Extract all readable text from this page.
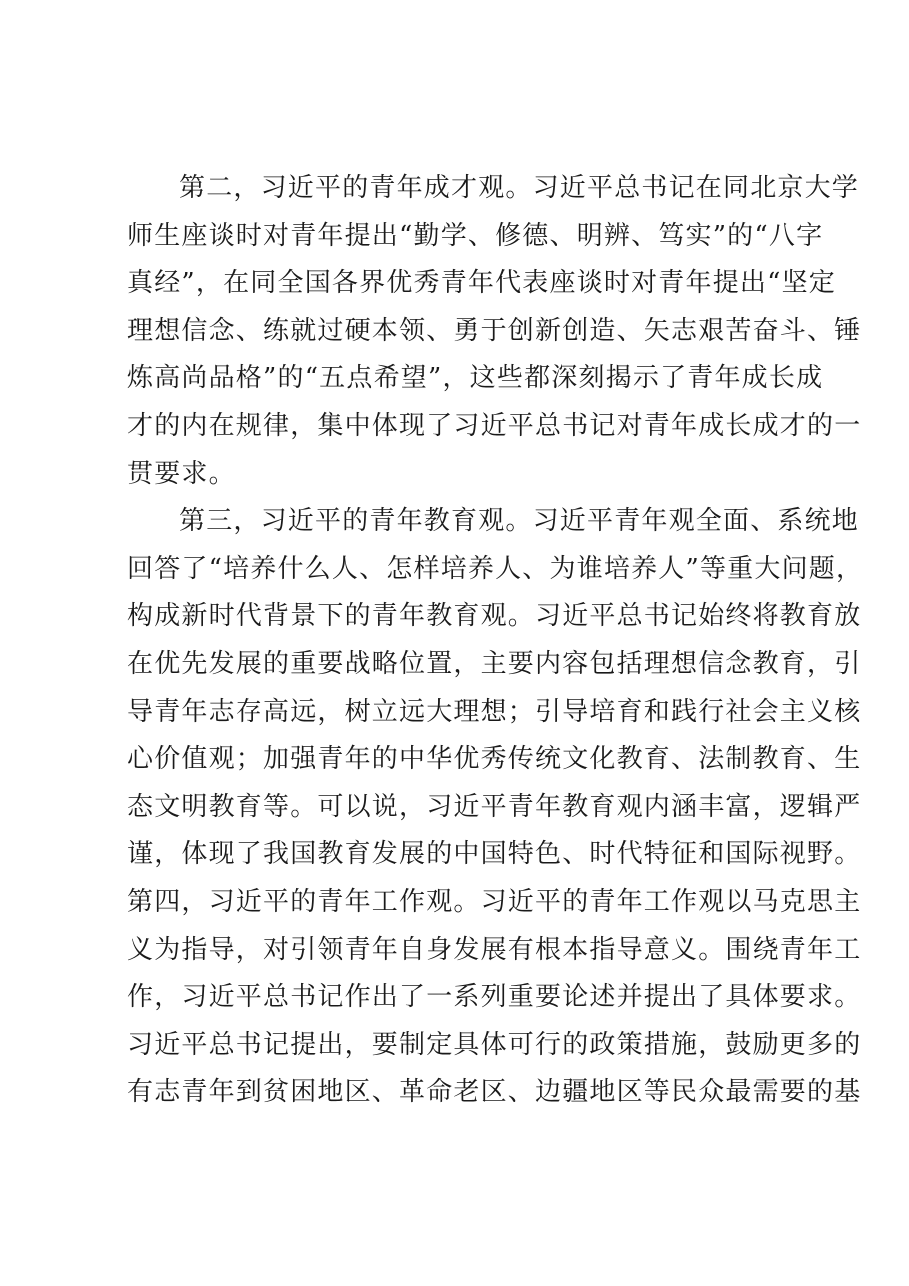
第二，习近平的青年成才观。习近平总书记在同北京大学
师生座谈时对青年提出“勤学、修德、明辨、笃实”的“八字
真经”，在同全国各界优秀青年代表座谈时对青年提出“坚定
理想信念、练就过硬本领、勇于创新创造、矢志艰苦奋斗、锤
炼高尚品格”的“五点希望”，这些都深刻揭示了青年成长成
才的内在规律，集中体现了习近平总书记对青年成长成才的一
贯要求。
第三，习近平的青年教育观。习近平青年观全面、系统地
回答了“培养什么人、怎样培养人、为谁培养人”等重大问题，
构成新时代背景下的青年教育观。习近平总书记始终将教育放
在优先发展的重要战略位置，主要内容包括理想信念教育，引
导青年志存高远，树立远大理想；引导培育和践行社会主义核
心价值观；加强青年的中华优秀传统文化教育、法制教育、生
态文明教育等。可以说，习近平青年教育观内涵丰富，逻辑严
谨，体现了我国教育发展的中国特色、时代特征和国际视野。
第四，习近平的青年工作观。习近平的青年工作观以马克思主
义为指导，对引领青年自身发展有根本指导意义。围绕青年工
作，习近平总书记作出了一系列重要论述并提出了具体要求。
习近平总书记提出，要制定具体可行的政策措施，鼓励更多的
有志青年到贫困地区、革命老区、边疆地区等民众最需要的基
